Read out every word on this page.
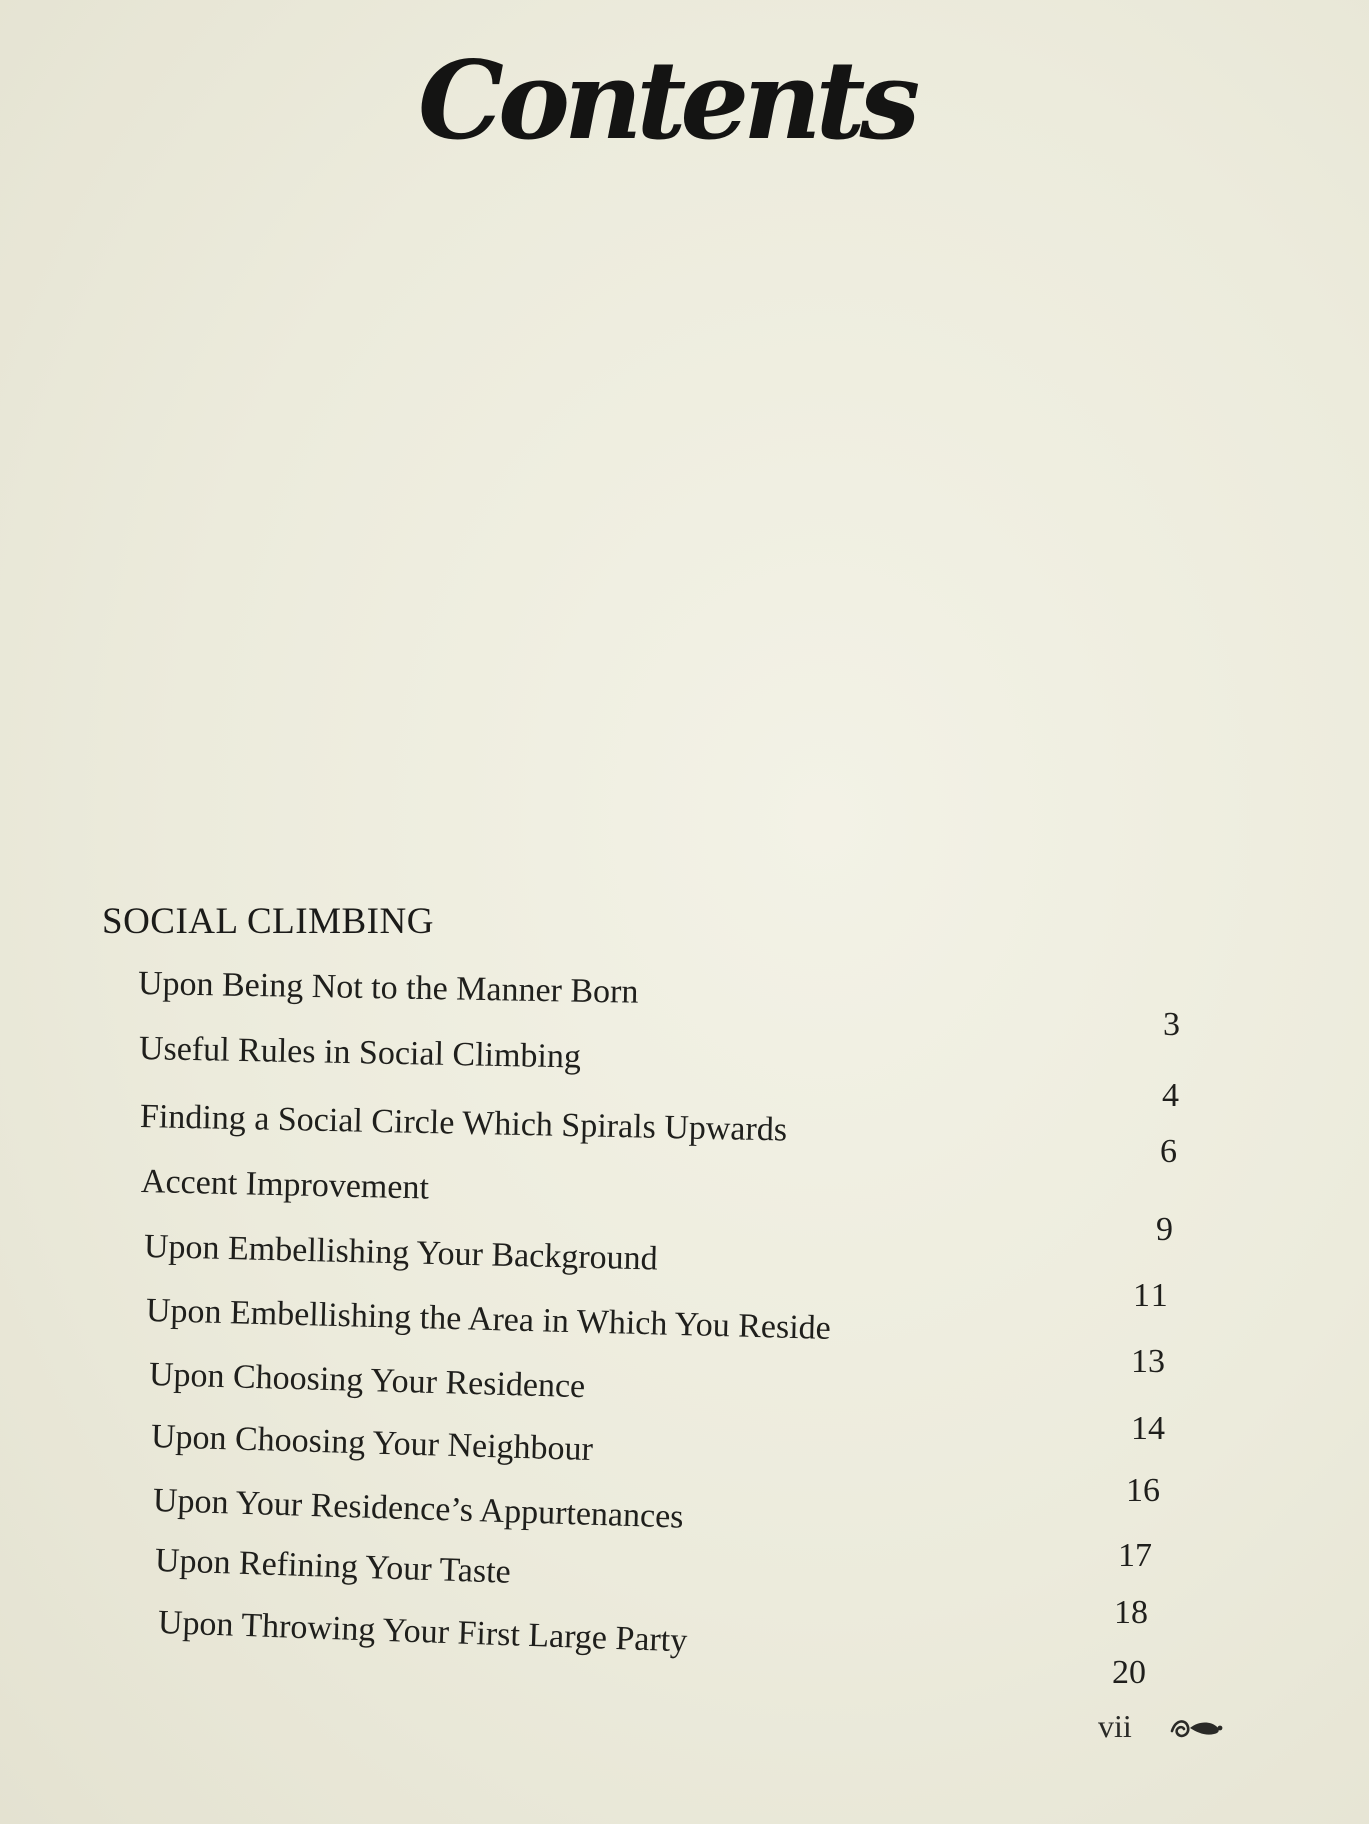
Contents
SOCIAL CLIMBING
Upon Being Not to the Manner Born
3
Useful Rules in Social Climbing
4
Finding a Social Circle Which Spirals Upwards
6
Accent Improvement
9
Upon Embellishing Your Background
11
Upon Embellishing the Area in Which You Reside
13
Upon Choosing Your Residence
14
Upon Choosing Your Neighbour
16
Upon Your Residence’s Appurtenances
17
Upon Refining Your Taste
18
Upon Throwing Your First Large Party
20
vii
